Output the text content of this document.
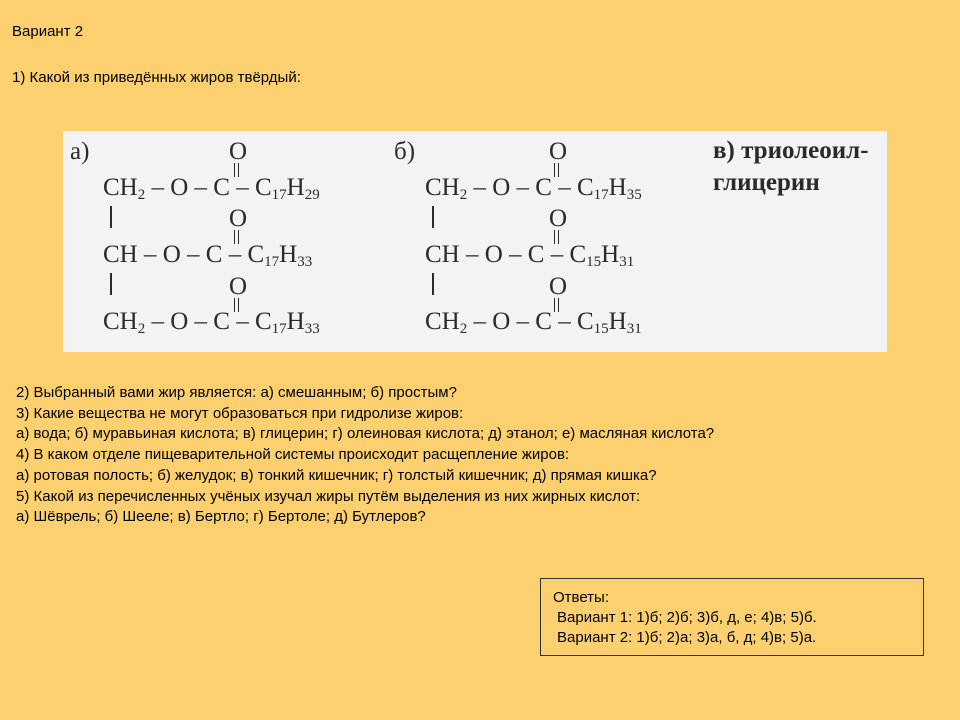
Вариант 2
1) Какой из приведённых жиров твёрдый:
а)	O
$CH_2$ – O – C – $C_{17}H_{29}$
O
CH – O – C – $C_{17}H_{33}$
O
$CH_2$ – O – C – $C_{17}H_{33}$
б)	O
$CH_2$ – O – C – $C_{17}H_{35}$
O
CH – O – C – $C_{15}H_{31}$
O
$CH_2$ – O – C – $C_{15}H_{31}$
в) триолеоил-
глицерин
2) Выбранный вами жир является: а) смешанным; б) простым?
3) Какие вещества не могут образоваться при гидролизе жиров:
а) вода; б) муравьиная кислота; в) глицерин; г) олеиновая кислота; д) этанол; е) масляная кислота?
4) В каком отделе пищеварительной системы происходит расщепление жиров:
а) ротовая полость; б) желудок; в) тонкий кишечник; г) толстый кишечник; д) прямая кишка?
5) Какой из перечисленных учёных изучал жиры путём выделения из них жирных кислот:
а) Шёврель; б) Шееле; в) Бертло; г) Бертоле; д) Бутлеров?
Ответы:
Вариант 1: 1)б; 2)б; 3)б, д, е; 4)в; 5)б.
Вариант 2: 1)б; 2)а; 3)а, б, д; 4)в; 5)а.
